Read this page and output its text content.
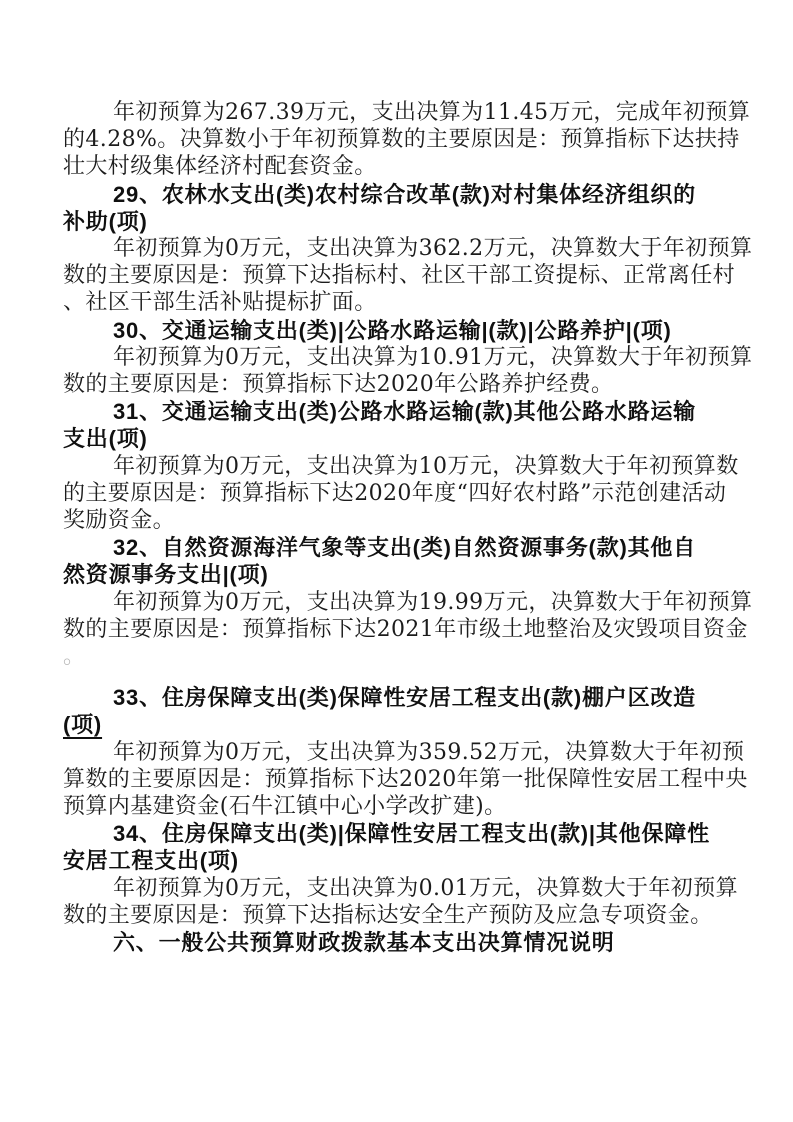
年初预算为267.39万元，支出决算为11.45万元，完成年初预算
的4.28%。决算数小于年初预算数的主要原因是：预算指标下达扶持
壮大村级集体经济村配套资金。
29、农林水支出(类)农村综合改革(款)对村集体经济组织的
补助(项)
年初预算为0万元，支出决算为362.2万元，决算数大于年初预算
数的主要原因是：预算下达指标村、社区干部工资提标、正常离任村
、社区干部生活补贴提标扩面。
30、交通运输支出(类)|公路水路运输|(款)|公路养护|(项)
年初预算为0万元，支出决算为10.91万元，决算数大于年初预算
数的主要原因是：预算指标下达2020年公路养护经费。
31、交通运输支出(类)公路水路运输(款)其他公路水路运输
支出(项)
年初预算为0万元，支出决算为10万元，决算数大于年初预算数
的主要原因是：预算指标下达2020年度“四好农村路”示范创建活动
奖励资金。
32、自然资源海洋气象等支出(类)自然资源事务(款)其他自
然资源事务支出|(项)
年初预算为0万元，支出决算为19.99万元，决算数大于年初预算
数的主要原因是：预算指标下达2021年市级土地整治及灾毁项目资金
。
33、住房保障支出(类)保障性安居工程支出(款)棚户区改造
(项)
年初预算为0万元，支出决算为359.52万元，决算数大于年初预
算数的主要原因是：预算指标下达2020年第一批保障性安居工程中央
预算内基建资金(石牛江镇中心小学改扩建)。
34、住房保障支出(类)|保障性安居工程支出(款)|其他保障性
安居工程支出(项)
年初预算为0万元，支出决算为0.01万元，决算数大于年初预算
数的主要原因是：预算下达指标达安全生产预防及应急专项资金。
六、一般公共预算财政拨款基本支出决算情况说明
